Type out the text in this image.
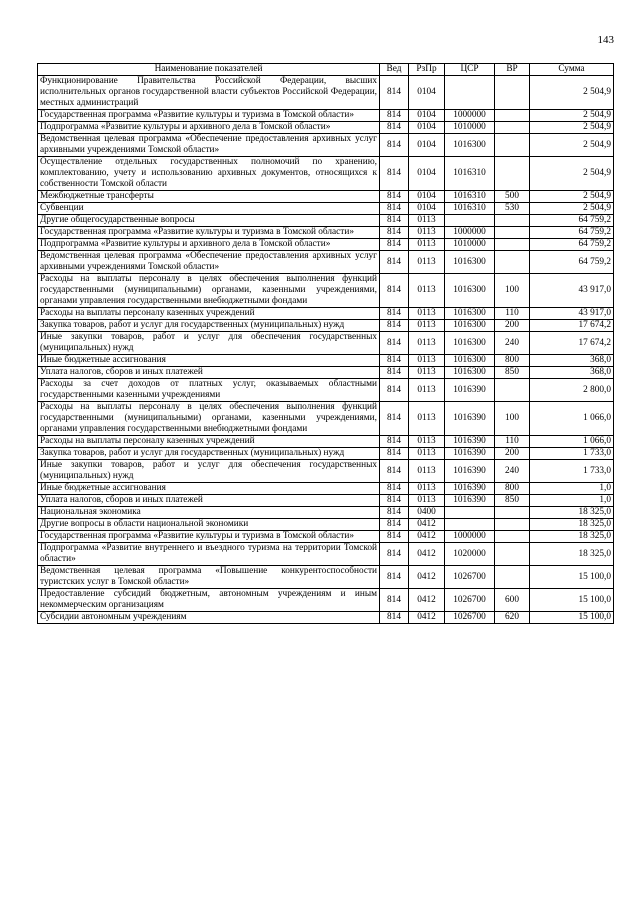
143
Наименование показателей	Вед	РзПр	ЦСР	ВР	Сумма
Функционирование Правительства Российской Федерации, высших исполнительных органов государственной власти субъектов Российской Федерации, местных администраций	814	0104			2 504,9
Государственная программа «Развитие культуры и туризма в Томской области»	814	0104	1000000		2 504,9
Подпрограмма «Развитие культуры и архивного дела в Томской области»	814	0104	1010000		2 504,9
Ведомственная целевая программа «Обеспечение предоставления архивных услуг архивными учреждениями Томской области»	814	0104	1016300		2 504,9
Осуществление отдельных государственных полномочий по хранению, комплектованию, учету и использованию архивных документов, относящихся к собственности Томской области	814	0104	1016310		2 504,9
Межбюджетные трансферты	814	0104	1016310	500	2 504,9
Субвенции	814	0104	1016310	530	2 504,9
Другие общегосударственные вопросы	814	0113			64 759,2
Государственная программа «Развитие культуры и туризма в Томской области»	814	0113	1000000		64 759,2
Подпрограмма «Развитие культуры и архивного дела в Томской области»	814	0113	1010000		64 759,2
Ведомственная целевая программа «Обеспечение предоставления архивных услуг архивными учреждениями Томской области»	814	0113	1016300		64 759,2
Расходы на выплаты персоналу в целях обеспечения выполнения функций государственными (муниципальными) органами, казенными учреждениями, органами управления государственными внебюджетными фондами	814	0113	1016300	100	43 917,0
Расходы на выплаты персоналу казенных учреждений	814	0113	1016300	110	43 917,0
Закупка товаров, работ и услуг для государственных (муниципальных) нужд	814	0113	1016300	200	17 674,2
Иные закупки товаров, работ и услуг для обеспечения государственных (муниципальных) нужд	814	0113	1016300	240	17 674,2
Иные бюджетные ассигнования	814	0113	1016300	800	368,0
Уплата налогов, сборов и иных платежей	814	0113	1016300	850	368,0
Расходы за счет доходов от платных услуг, оказываемых областными государственными казенными учреждениями	814	0113	1016390		2 800,0
Расходы на выплаты персоналу в целях обеспечения выполнения функций государственными (муниципальными) органами, казенными учреждениями, органами управления государственными внебюджетными фондами	814	0113	1016390	100	1 066,0
Расходы на выплаты персоналу казенных учреждений	814	0113	1016390	110	1 066,0
Закупка товаров, работ и услуг для государственных (муниципальных) нужд	814	0113	1016390	200	1 733,0
Иные закупки товаров, работ и услуг для обеспечения государственных (муниципальных) нужд	814	0113	1016390	240	1 733,0
Иные бюджетные ассигнования	814	0113	1016390	800	1,0
Уплата налогов, сборов и иных платежей	814	0113	1016390	850	1,0
Национальная экономика	814	0400			18 325,0
Другие вопросы в области национальной экономики	814	0412			18 325,0
Государственная программа «Развитие культуры и туризма в Томской области»	814	0412	1000000		18 325,0
Подпрограмма «Развитие внутреннего и въездного туризма на территории Томской области»	814	0412	1020000		18 325,0
Ведомственная целевая программа «Повышение конкурентоспособности туристских услуг в Томской области»	814	0412	1026700		15 100,0
Предоставление субсидий бюджетным, автономным учреждениям и иным некоммерческим организациям	814	0412	1026700	600	15 100,0
Субсидии автономным учреждениям	814	0412	1026700	620	15 100,0
